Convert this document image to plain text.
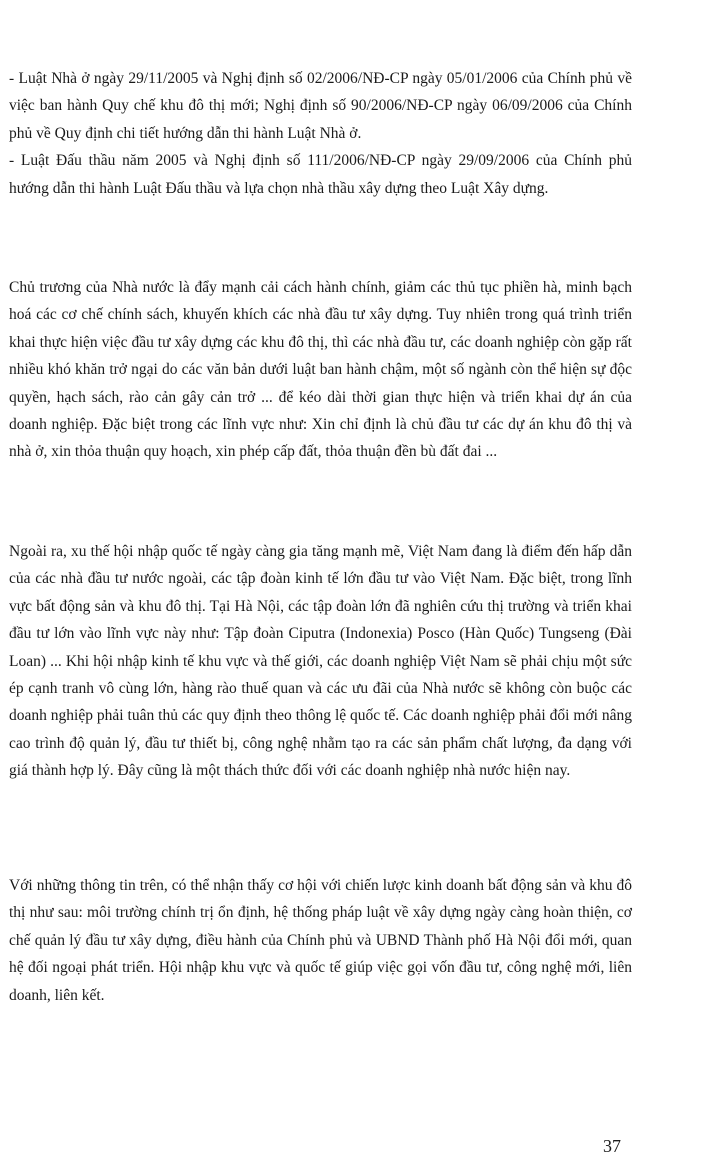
- Luật Nhà ở ngày 29/11/2005 và Nghị định số 02/2006/NĐ-CP ngày 05/01/2006 của Chính phủ về việc ban hành Quy chế khu đô thị mới; Nghị định số 90/2006/NĐ-CP ngày 06/09/2006 của Chính phủ về Quy định chi tiết hướng dẫn thi hành Luật Nhà ở.

- Luật Đấu thầu năm 2005 và Nghị định số 111/2006/NĐ-CP ngày 29/09/2006 của Chính phủ hướng dẫn thi hành Luật Đấu thầu và lựa chọn nhà thầu xây dựng theo Luật Xây dựng.

Chủ trương của Nhà nước là đẩy mạnh cải cách hành chính, giảm các thủ tục phiền hà, minh bạch hoá các cơ chế chính sách, khuyến khích các nhà đầu tư xây dựng. Tuy nhiên trong quá trình triển khai thực hiện việc đầu tư xây dựng các khu đô thị, thì các nhà đầu tư, các doanh nghiệp còn gặp rất nhiều khó khăn trở ngại do các văn bản dưới luật ban hành chậm, một số ngành còn thể hiện sự độc quyền, hạch sách, rào cản gây cản trở ... để kéo dài thời gian thực hiện và triển khai dự án của doanh nghiệp. Đặc biệt trong các lĩnh vực như: Xin chỉ định là chủ đầu tư các dự án khu đô thị và nhà ở, xin thỏa thuận quy hoạch, xin phép cấp đất, thỏa thuận đền bù đất đai ...

Ngoài ra, xu thế hội nhập quốc tế ngày càng gia tăng mạnh mẽ, Việt Nam đang là điểm đến hấp dẫn của các nhà đầu tư nước ngoài, các tập đoàn kinh tế lớn đầu tư vào Việt Nam. Đặc biệt, trong lĩnh vực bất động sản và khu đô thị. Tại Hà Nội, các tập đoàn lớn đã nghiên cứu thị trường và triển khai đầu tư lớn vào lĩnh vực này như: Tập đoàn Ciputra (Indonexia) Posco (Hàn Quốc) Tungseng (Đài Loan) ... Khi hội nhập kinh tế khu vực và thế giới, các doanh nghiệp Việt Nam sẽ phải chịu một sức ép cạnh tranh vô cùng lớn, hàng rào thuế quan và các ưu đãi của Nhà nước sẽ không còn buộc các doanh nghiệp phải tuân thủ các quy định theo thông lệ quốc tế. Các doanh nghiệp phải đổi mới nâng cao trình độ quản lý, đầu tư thiết bị, công nghệ nhằm tạo ra các sản phẩm chất lượng, đa dạng với giá thành hợp lý. Đây cũng là một thách thức đối với các doanh nghiệp nhà nước hiện nay.

Với những thông tin trên, có thể nhận thấy cơ hội với chiến lược kinh doanh bất động sản và khu đô thị như sau: môi trường chính trị ổn định, hệ thống pháp luật về xây dựng ngày càng hoàn thiện, cơ chế quản lý đầu tư xây dựng, điều hành của Chính phủ và UBND Thành phố Hà Nội đổi mới, quan hệ đối ngoại phát triển. Hội nhập khu vực và quốc tế giúp việc gọi vốn đầu tư, công nghệ mới, liên doanh, liên kết.

37
